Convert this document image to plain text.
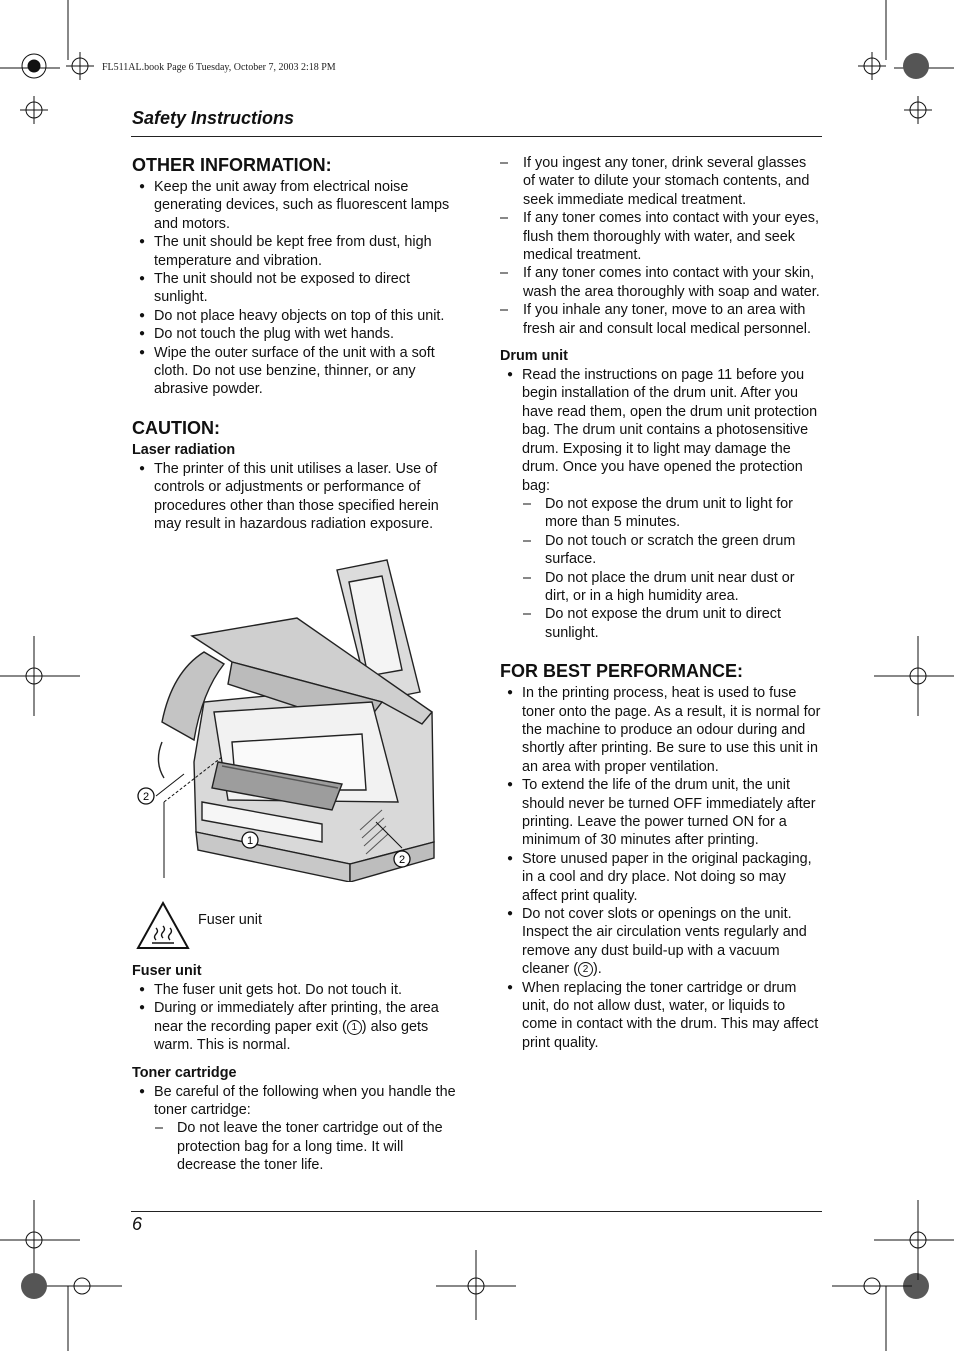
FL511AL.book Page 6 Tuesday, October 7, 2003 2:18 PM
Safety Instructions
OTHER INFORMATION:
● Keep the unit away from electrical noise generating devices, such as fluorescent lamps and motors.
● The unit should be kept free from dust, high temperature and vibration.
● The unit should not be exposed to direct sunlight.
● Do not place heavy objects on top of this unit.
● Do not touch the plug with wet hands.
● Wipe the outer surface of the unit with a soft cloth. Do not use benzine, thinner, or any abrasive powder.
CAUTION:
Laser radiation
● The printer of this unit utilises a laser. Use of controls or adjustments or performance of procedures other than those specified herein may result in hazardous radiation exposure.
2
1
2
Fuser unit
Fuser unit
● The fuser unit gets hot. Do not touch it.
● During or immediately after printing, the area near the recording paper exit ( 1 ) also gets warm. This is normal.
Toner cartridge
● Be careful of the following when you handle the toner cartridge:
– Do not leave the toner cartridge out of the protection bag for a long time. It will decrease the toner life.
– If you ingest any toner, drink several glasses of water to dilute your stomach contents, and seek immediate medical treatment.
– If any toner comes into contact with your eyes, flush them thoroughly with water, and seek medical treatment.
– If any toner comes into contact with your skin, wash the area thoroughly with soap and water.
– If you inhale any toner, move to an area with fresh air and consult local medical personnel.
Drum unit
● Read the instructions on page 11 before you begin installation of the drum unit. After you have read them, open the drum unit protection bag. The drum unit contains a photosensitive drum. Exposing it to light may damage the drum. Once you have opened the protection bag:
– Do not expose the drum unit to light for more than 5 minutes.
– Do not touch or scratch the green drum surface.
– Do not place the drum unit near dust or dirt, or in a high humidity area.
– Do not expose the drum unit to direct sunlight.
FOR BEST PERFORMANCE:
● In the printing process, heat is used to fuse toner onto the page. As a result, it is normal for the machine to produce an odour during and shortly after printing. Be sure to use this unit in an area with proper ventilation.
● To extend the life of the drum unit, the unit should never be turned OFF immediately after printing. Leave the power turned ON for a minimum of 30 minutes after printing.
● Store unused paper in the original packaging, in a cool and dry place. Not doing so may affect print quality.
● Do not cover slots or openings on the unit. Inspect the air circulation vents regularly and remove any dust build-up with a vacuum cleaner ( 2 ).
● When replacing the toner cartridge or drum unit, do not allow dust, water, or liquids to come in contact with the drum. This may affect print quality.
6
